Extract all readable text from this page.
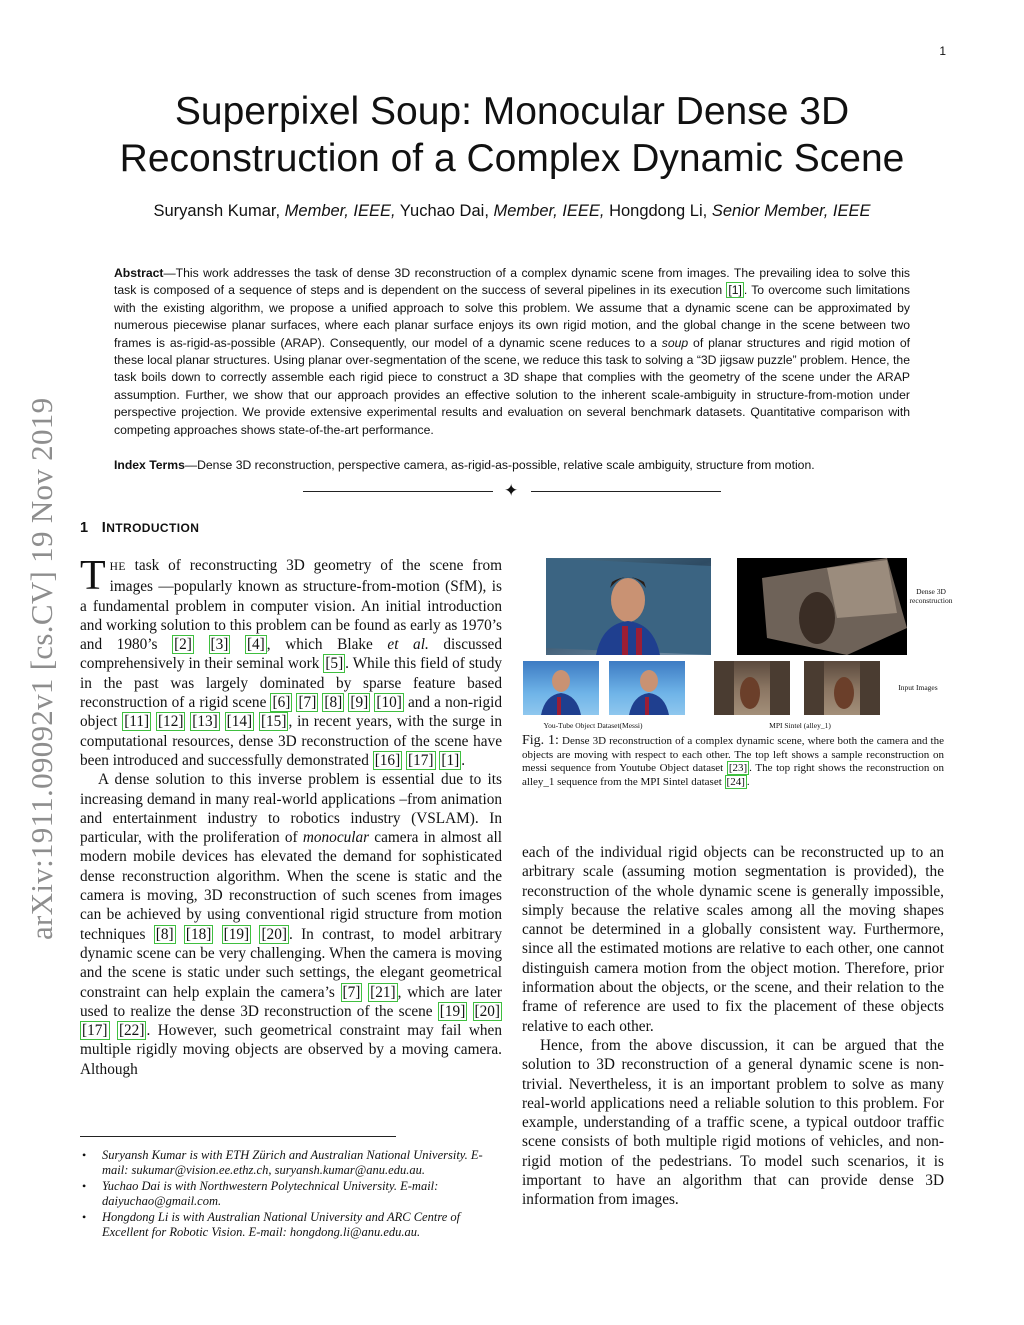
1
arXiv:1911.09092v1 [cs.CV] 19 Nov 2019
Superpixel Soup: Monocular Dense 3D
Reconstruction of a Complex Dynamic Scene
Suryansh Kumar, Member, IEEE, Yuchao Dai, Member, IEEE, Hongdong Li, Senior Member, IEEE
Abstract—This work addresses the task of dense 3D reconstruction of a complex dynamic scene from images. The prevailing idea to solve this task is composed of a sequence of steps and is dependent on the success of several pipelines in its execution [1] . To overcome such limitations with the existing algorithm, we propose a unified approach to solve this problem. We assume that a dynamic scene can be approximated by numerous piecewise planar surfaces, where each planar surface enjoys its own rigid motion, and the global change in the scene between two frames is as-rigid-as-possible (ARAP). Consequently, our model of a dynamic scene reduces to a soup of planar structures and rigid motion of these local planar structures. Using planar over-segmentation of the scene, we reduce this task to solving a “3D jigsaw puzzle” problem. Hence, the task boils down to correctly assemble each rigid piece to construct a 3D shape that complies with the geometry of the scene under the ARAP assumption. Further, we show that our approach provides an effective solution to the inherent scale-ambiguity in structure-from-motion under perspective projection. We provide extensive experimental results and evaluation on several benchmark datasets. Quantitative comparison with competing approaches shows state-of-the-art performance.
Index Terms—Dense 3D reconstruction, perspective camera, as-rigid-as-possible, relative scale ambiguity, structure from motion.
✦
1 INTRODUCTION

THE task of reconstructing 3D geometry of the scene from images —popularly known as structure-from-motion (SfM), is a fundamental problem in computer vision. An initial introduction and working solution to this problem can be found as early as 1970’s and 1980’s [2] [3] [4] , which Blake et al. discussed comprehensively in their seminal work [5] . While this field of study in the past was largely dominated by sparse feature based reconstruction of a rigid scene [6] [7] [8] [9] [10] and a non-rigid object [11] [12] [13] [14] [15] , in recent years, with the surge in computational resources, dense 3D reconstruction of the scene have been introduced and successfully demonstrated [16] [17] [1] .

A dense solution to this inverse problem is essential due to its increasing demand in many real-world applications –from animation and entertainment industry to robotics industry (VSLAM). In particular, with the proliferation of monocular camera in almost all modern mobile devices has elevated the demand for sophisticated dense reconstruction algorithm. When the scene is static and the camera is moving, 3D reconstruction of such scenes from images can be achieved by using conventional rigid structure from motion techniques [8] [18] [19] [20] . In contrast, to model arbitrary dynamic scene can be very challenging. When the camera is moving and the scene is static under such settings, the elegant geometrical constraint can help explain the camera’s [7] [21] , which are later used to realize the dense 3D reconstruction of the scene [19] [20] [17] [22] . However, such geometrical constraint may fail when multiple rigidly moving objects are observed by a moving camera. Although

• Suryansh Kumar is with ETH Zürich and Australian National University. E-mail: sukumar@vision.ee.ethz.ch, suryansh.kumar@anu.edu.au.
• Yuchao Dai is with Northwestern Polytechnical University. E-mail: daiyuchao@gmail.com.
• Hongdong Li is with Australian National University and ARC Centre of Excellent for Robotic Vision. E-mail: hongdong.li@anu.edu.au.
Dense 3D reconstruction
Input Images
You-Tube Object Dataset(Messi)	MPI Sintel (alley_1)
Fig. 1: Dense 3D reconstruction of a complex dynamic scene, where both the camera and the objects are moving with respect to each other. The top left shows a sample reconstruction on messi sequence from Youtube Object dataset [23] . The top right shows the reconstruction on alley_1 sequence from the MPI Sintel dataset [24] .

each of the individual rigid objects can be reconstructed up to an arbitrary scale (assuming motion segmentation is provided), the reconstruction of the whole dynamic scene is generally impossible, simply because the relative scales among all the moving shapes cannot be determined in a globally consistent way. Furthermore, since all the estimated motions are relative to each other, one cannot distinguish camera motion from the object motion. Therefore, prior information about the objects, or the scene, and their relation to the frame of reference are used to fix the placement of these objects relative to each other.

Hence, from the above discussion, it can be argued that the solution to 3D reconstruction of a general dynamic scene is non-trivial. Nevertheless, it is an important problem to solve as many real-world applications need a reliable solution to this problem. For example, understanding of a traffic scene, a typical outdoor traffic scene consists of both multiple rigid motions of vehicles, and non-rigid motion of the pedestrians. To model such scenarios, it is important to have an algorithm that can provide dense 3D information from images.
